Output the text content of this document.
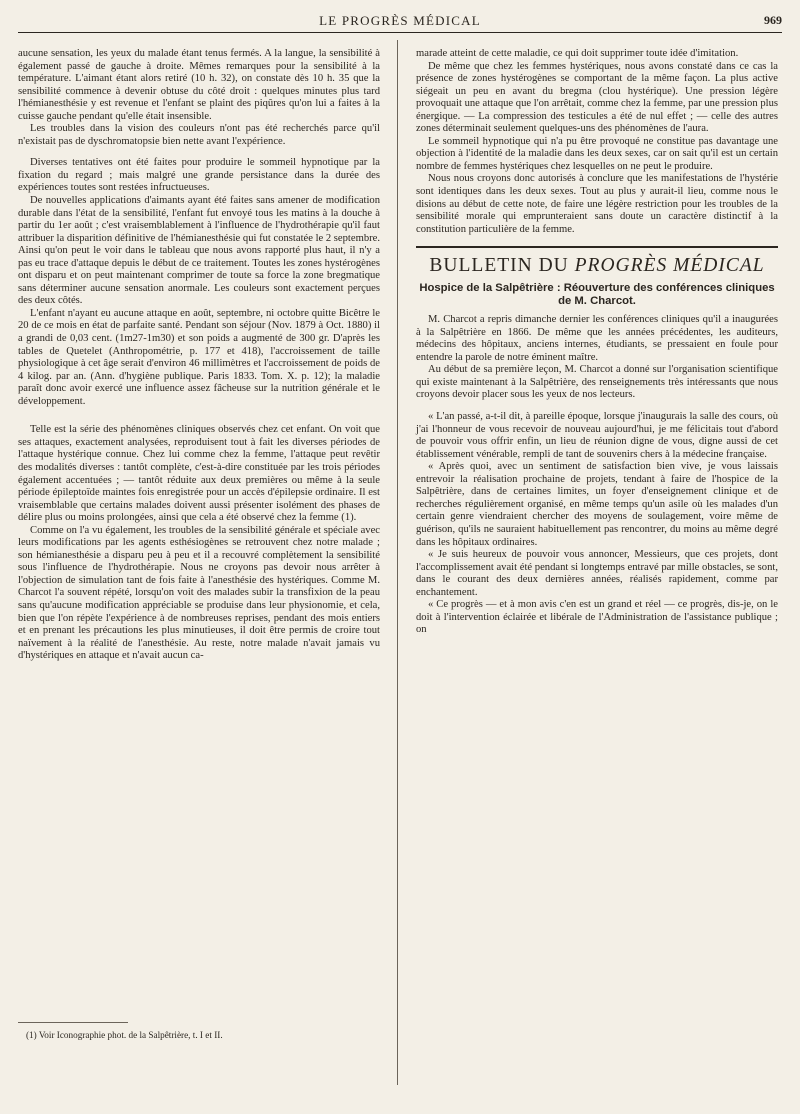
LE PROGRÈS MÉDICAL	969

aucune sensation, les yeux du malade étant tenus fermés. A la langue, la sensibilité à également passé de gauche à droite. Mêmes remarques pour la sensibilité à la température. L'aimant étant alors retiré (10 h. 32), on constate dès 10 h. 35 que la sensibilité commence à devenir obtuse du côté droit : quelques minutes plus tard l'hémianesthésie y est revenue et l'enfant se plaint des piqûres qu'on lui a faites à la cuisse gauche pendant qu'elle était insensible.

Les troubles dans la vision des couleurs n'ont pas été recherchés parce qu'il n'existait pas de dyschromatopsie bien nette avant l'expérience.

Diverses tentatives ont été faites pour produire le sommeil hypnotique par la fixation du regard ; mais malgré une grande persistance dans la durée des expériences toutes sont restées infructueuses.

De nouvelles applications d'aimants ayant été faites sans amener de modification durable dans l'état de la sensibilité, l'enfant fut envoyé tous les matins à la douche à partir du 1er août ; c'est vraisemblablement à l'influence de l'hydrothérapie qu'il faut attribuer la disparition définitive de l'hémianesthésie qui fut constatée le 2 septembre. Ainsi qu'on peut le voir dans le tableau que nous avons rapporté plus haut, il n'y a pas eu trace d'attaque depuis le début de ce traitement. Toutes les zones hystérogènes ont disparu et on peut maintenant comprimer de toute sa force la zone bregmatique sans déterminer aucune sensation anormale. Les couleurs sont exactement perçues des deux côtés.

L'enfant n'ayant eu aucune attaque en août, septembre, ni octobre quitte Bicêtre le 20 de ce mois en état de parfaite santé. Pendant son séjour (Nov. 1879 à Oct. 1880) il a grandi de 0,03 cent. (1m27-1m30) et son poids a augmenté de 300 gr. D'après les tables de Quetelet (Anthropométrie, p. 177 et 418), l'accroissement de taille physiologique à cet âge serait d'environ 46 millimètres et l'accroissement de poids de 4 kilog. par an. (Ann. d'hygiène publique. Paris 1833. Tom. X. p. 12); la maladie paraît donc avoir exercé une influence assez fâcheuse sur la nutrition générale et le développement.

Telle est la série des phénomènes cliniques observés chez cet enfant. On voit que ses attaques, exactement analysées, reproduisent tout à fait les diverses périodes de l'attaque hystérique connue. Chez lui comme chez la femme, l'attaque peut revêtir des modalités diverses : tantôt complète, c'est-à-dire constituée par les trois périodes également accentuées ; — tantôt réduite aux deux premières ou même à la seule période épileptoïde maintes fois enregistrée pour un accès d'épilepsie ordinaire. Il est vraisemblable que certains malades doivent aussi présenter isolément des phases de délire plus ou moins prolongées, ainsi que cela a été observé chez la femme (1).

Comme on l'a vu également, les troubles de la sensibilité générale et spéciale avec leurs modifications par les agents esthésiogènes se retrouvent chez notre malade ; son hémianesthésie a disparu peu à peu et il a recouvré complètement la sensibilité sous l'influence de l'hydrothérapie. Nous ne croyons pas devoir nous arrêter à l'objection de simulation tant de fois faite à l'anesthésie des hystériques. Comme M. Charcot l'a souvent répété, lorsqu'on voit des malades subir la transfixion de la peau sans qu'aucune modification appréciable se produise dans leur physionomie, et cela, bien que l'on répète l'expérience à de nombreuses reprises, pendant des mois entiers et en prenant les précautions les plus minutieuses, il doit être permis de croire tout naïvement à la réalité de l'anesthésie. Au reste, notre malade n'avait jamais vu d'hystériques en attaque et n'avait aucun ca-

(1) Voir Iconographie phot. de la Salpêtrière, t. I et II.

marade atteint de cette maladie, ce qui doit supprimer toute idée d'imitation.

De même que chez les femmes hystériques, nous avons constaté dans ce cas la présence de zones hystérogènes se comportant de la même façon. La plus active siégeait un peu en avant du bregma (clou hystérique). Une pression légère provoquait une attaque que l'on arrêtait, comme chez la femme, par une pression plus énergique. — La compression des testicules a été de nul effet ; — celle des autres zones déterminait seulement quelques-uns des phénomènes de l'aura.

Le sommeil hypnotique qui n'a pu être provoqué ne constitue pas davantage une objection à l'identité de la maladie dans les deux sexes, car on sait qu'il est un certain nombre de femmes hystériques chez lesquelles on ne peut le produire.

Nous nous croyons donc autorisés à conclure que les manifestations de l'hystérie sont identiques dans les deux sexes. Tout au plus y aurait-il lieu, comme nous le disions au début de cette note, de faire une légère restriction pour les troubles de la sensibilité morale qui emprunteraient sans doute un caractère distinctif à la constitution particulière de la femme.

BULLETIN DU PROGRÈS MÉDICAL
Hospice de la Salpêtrière : Réouverture des conférences cliniques de M. Charcot.

M. Charcot a repris dimanche dernier les conférences cliniques qu'il a inaugurées à la Salpêtrière en 1866. De même que les années précédentes, les auditeurs, médecins des hôpitaux, anciens internes, étudiants, se pressaient en foule pour entendre la parole de notre éminent maître.

Au début de sa première leçon, M. Charcot a donné sur l'organisation scientifique qui existe maintenant à la Salpêtrière, des renseignements très intéressants que nous croyons devoir placer sous les yeux de nos lecteurs.

« L'an passé, a-t-il dit, à pareille époque, lorsque j'inaugurais la salle des cours, où j'ai l'honneur de vous recevoir de nouveau aujourd'hui, je me félicitais tout d'abord de pouvoir vous offrir enfin, un lieu de réunion digne de vous, digne aussi de cet établissement vénérable, rempli de tant de souvenirs chers à la médecine française.

« Après quoi, avec un sentiment de satisfaction bien vive, je vous laissais entrevoir la réalisation prochaine de projets, tendant à faire de l'hospice de la Salpêtrière, dans de certaines limites, un foyer d'enseignement clinique et de recherches régulièrement organisé, en même temps qu'un asile où les malades d'un certain genre viendraient chercher des moyens de soulagement, voire même de guérison, qu'ils ne sauraient habituellement pas rencontrer, du moins au même degré dans les hôpitaux ordinaires.

« Je suis heureux de pouvoir vous annoncer, Messieurs, que ces projets, dont l'accomplissement avait été pendant si longtemps entravé par mille obstacles, se sont, dans le courant des deux dernières années, réalisés rapidement, comme par enchantement.

« Ce progrès — et à mon avis c'en est un grand et réel — ce progrès, dis-je, on le doit à l'intervention éclairée et libérale de l'Administration de l'assistance publique ; on
